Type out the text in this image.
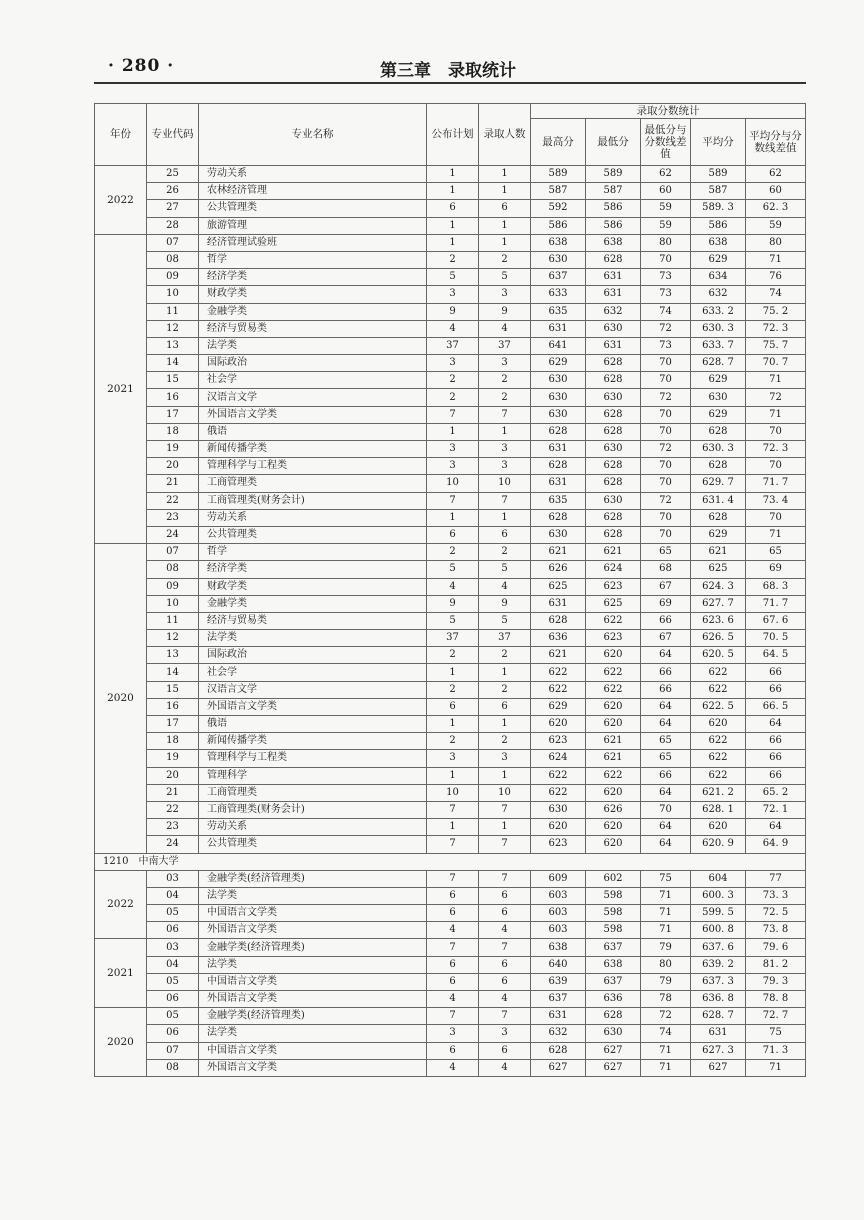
· 280 ·	第三章　录取统计
年份	专业代码	专业名称	公布计划	录取人数	录取分数统计				
					最高分	最低分	最低分与分数线差值	平均分	平均分与分数线差值
2022	25	劳动关系	1	1	589	589	62	589	62
	26	农林经济管理	1	1	587	587	60	587	60
	27	公共管理类	6	6	592	586	59	589. 3	62. 3
	28	旅游管理	1	1	586	586	59	586	59
2021	07	经济管理试验班	1	1	638	638	80	638	80
	08	哲学	2	2	630	628	70	629	71
	09	经济学类	5	5	637	631	73	634	76
	10	财政学类	3	3	633	631	73	632	74
	11	金融学类	9	9	635	632	74	633. 2	75. 2
	12	经济与贸易类	4	4	631	630	72	630. 3	72. 3
	13	法学类	37	37	641	631	73	633. 7	75. 7
	14	国际政治	3	3	629	628	70	628. 7	70. 7
	15	社会学	2	2	630	628	70	629	71
	16	汉语言文学	2	2	630	630	72	630	72
	17	外国语言文学类	7	7	630	628	70	629	71
	18	俄语	1	1	628	628	70	628	70
	19	新闻传播学类	3	3	631	630	72	630. 3	72. 3
	20	管理科学与工程类	3	3	628	628	70	628	70
	21	工商管理类	10	10	631	628	70	629. 7	71. 7
	22	工商管理类(财务会计)	7	7	635	630	72	631. 4	73. 4
	23	劳动关系	1	1	628	628	70	628	70
	24	公共管理类	6	6	630	628	70	629	71
2020	07	哲学	2	2	621	621	65	621	65
	08	经济学类	5	5	626	624	68	625	69
	09	财政学类	4	4	625	623	67	624. 3	68. 3
	10	金融学类	9	9	631	625	69	627. 7	71. 7
	11	经济与贸易类	5	5	628	622	66	623. 6	67. 6
	12	法学类	37	37	636	623	67	626. 5	70. 5
	13	国际政治	2	2	621	620	64	620. 5	64. 5
	14	社会学	1	1	622	622	66	622	66
	15	汉语言文学	2	2	622	622	66	622	66
	16	外国语言文学类	6	6	629	620	64	622. 5	66. 5
	17	俄语	1	1	620	620	64	620	64
	18	新闻传播学类	2	2	623	621	65	622	66
	19	管理科学与工程类	3	3	624	621	65	622	66
	20	管理科学	1	1	622	622	66	622	66
	21	工商管理类	10	10	622	620	64	621. 2	65. 2
	22	工商管理类(财务会计)	7	7	630	626	70	628. 1	72. 1
	23	劳动关系	1	1	620	620	64	620	64
	24	公共管理类	7	7	623	620	64	620. 9	64. 9
1210　中南大学									
2022	03	金融学类(经济管理类)	7	7	609	602	75	604	77
	04	法学类	6	6	603	598	71	600. 3	73. 3
	05	中国语言文学类	6	6	603	598	71	599. 5	72. 5
	06	外国语言文学类	4	4	603	598	71	600. 8	73. 8
2021	03	金融学类(经济管理类)	7	7	638	637	79	637. 6	79. 6
	04	法学类	6	6	640	638	80	639. 2	81. 2
	05	中国语言文学类	6	6	639	637	79	637. 3	79. 3
	06	外国语言文学类	4	4	637	636	78	636. 8	78. 8
2020	05	金融学类(经济管理类)	7	7	631	628	72	628. 7	72. 7
	06	法学类	3	3	632	630	74	631	75
	07	中国语言文学类	6	6	628	627	71	627. 3	71. 3
	08	外国语言文学类	4	4	627	627	71	627	71
